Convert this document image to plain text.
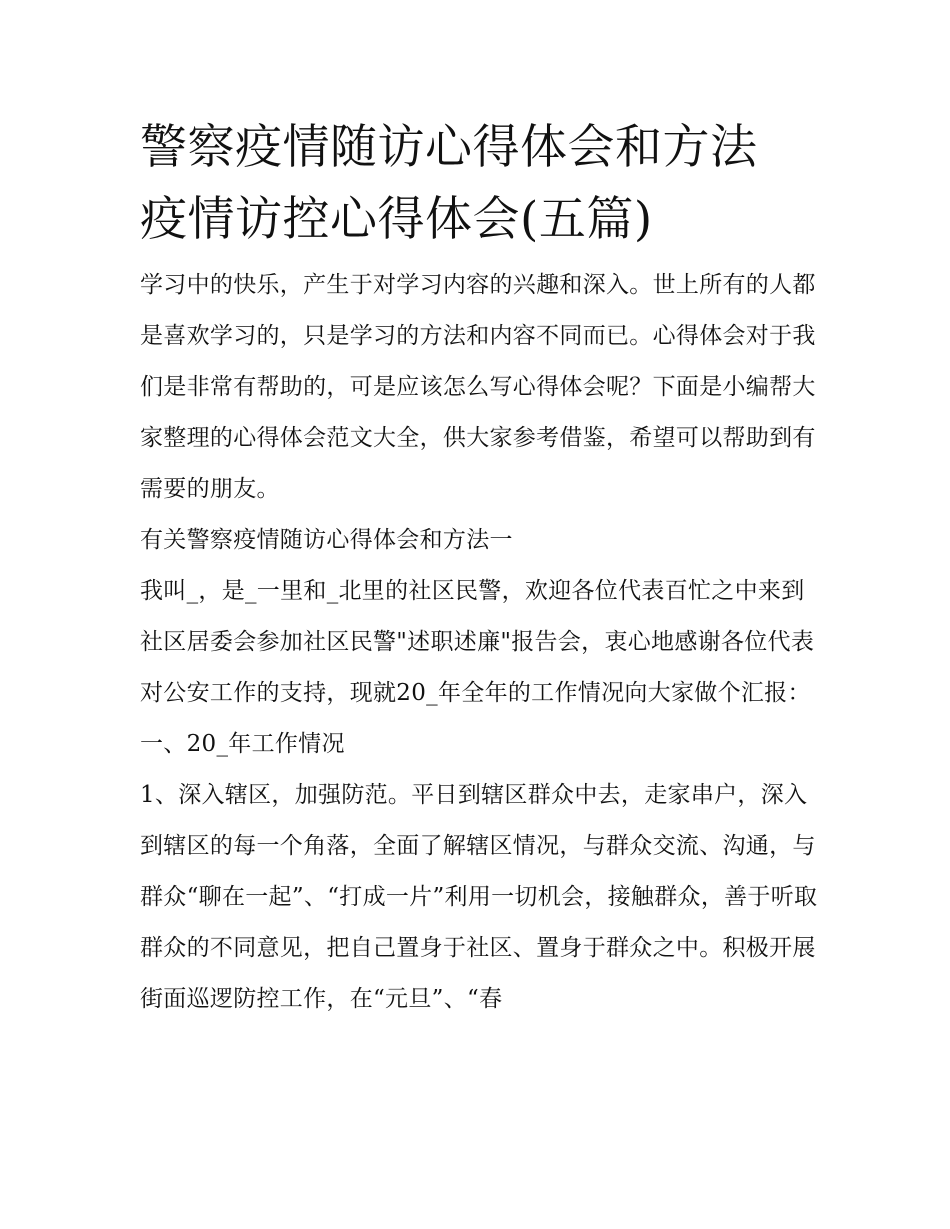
警察疫情随访心得体会和方法
疫情访控心得体会(五篇)

学习中的快乐，产生于对学习内容的兴趣和深入。世上所有的人都是喜欢学习的，只是学习的方法和内容不同而已。心得体会对于我们是非常有帮助的，可是应该怎么写心得体会呢？下面是小编帮大家整理的心得体会范文大全，供大家参考借鉴，希望可以帮助到有需要的朋友。

有关警察疫情随访心得体会和方法一

我叫_，是_一里和_北里的社区民警，欢迎各位代表百忙之中来到社区居委会参加社区民警"述职述廉"报告会，衷心地感谢各位代表对公安工作的支持，现就20_年全年的工作情况向大家做个汇报：

一、20_年工作情况

1、深入辖区，加强防范。平日到辖区群众中去，走家串户，深入到辖区的每一个角落，全面了解辖区情况，与群众交流、沟通，与群众“聊在一起”、“打成一片”利用一切机会，接触群众，善于听取群众的不同意见，把自己置身于社区、置身于群众之中。积极开展街面巡逻防控工作，在“元旦”、“春
